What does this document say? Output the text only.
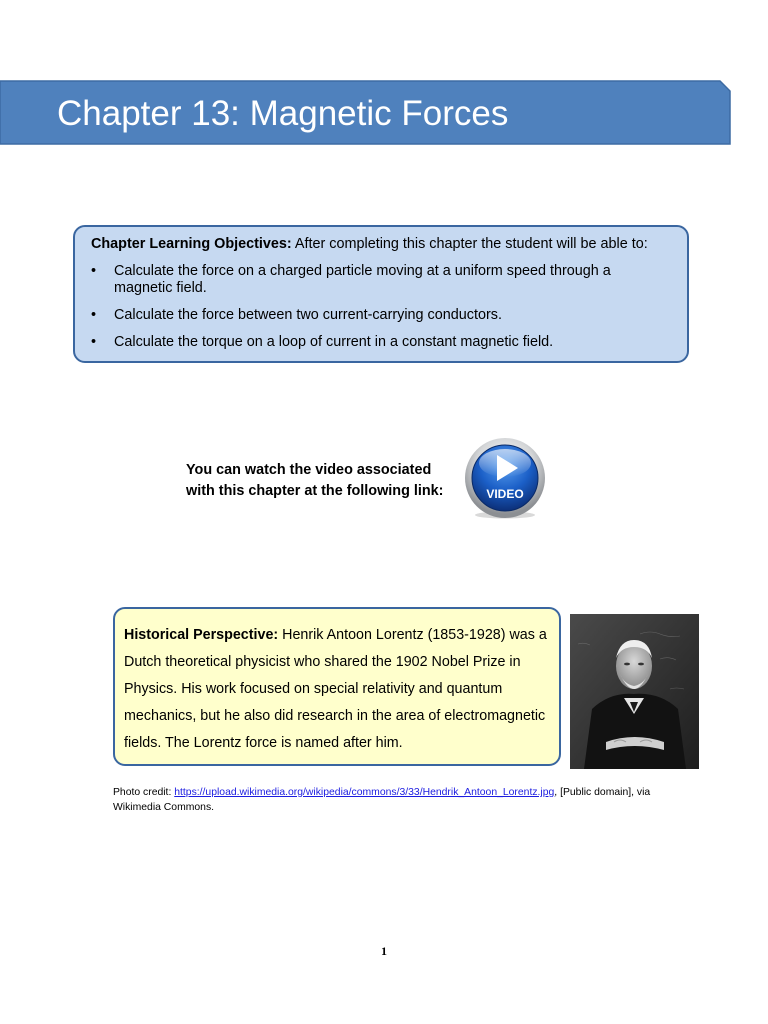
Chapter 13: Magnetic Forces
Chapter Learning Objectives: After completing this chapter the student will be able to:
• Calculate the force on a charged particle moving at a uniform speed through a magnetic field.
• Calculate the force between two current-carrying conductors.
• Calculate the torque on a loop of current in a constant magnetic field.
You can watch the video associated
with this chapter at the following link:	VIDEO

Historical Perspective: Henrik Antoon Lorentz (1853-1928) was a Dutch theoretical physicist who shared the 1902 Nobel Prize in Physics. His work focused on special relativity and quantum mechanics, but he also did research in the area of electromagnetic fields. The Lorentz force is named after him.

Photo credit: https://upload.wikimedia.org/wikipedia/commons/3/33/Hendrik_Antoon_Lorentz.jpg, [Public domain], via Wikimedia Commons.
1
